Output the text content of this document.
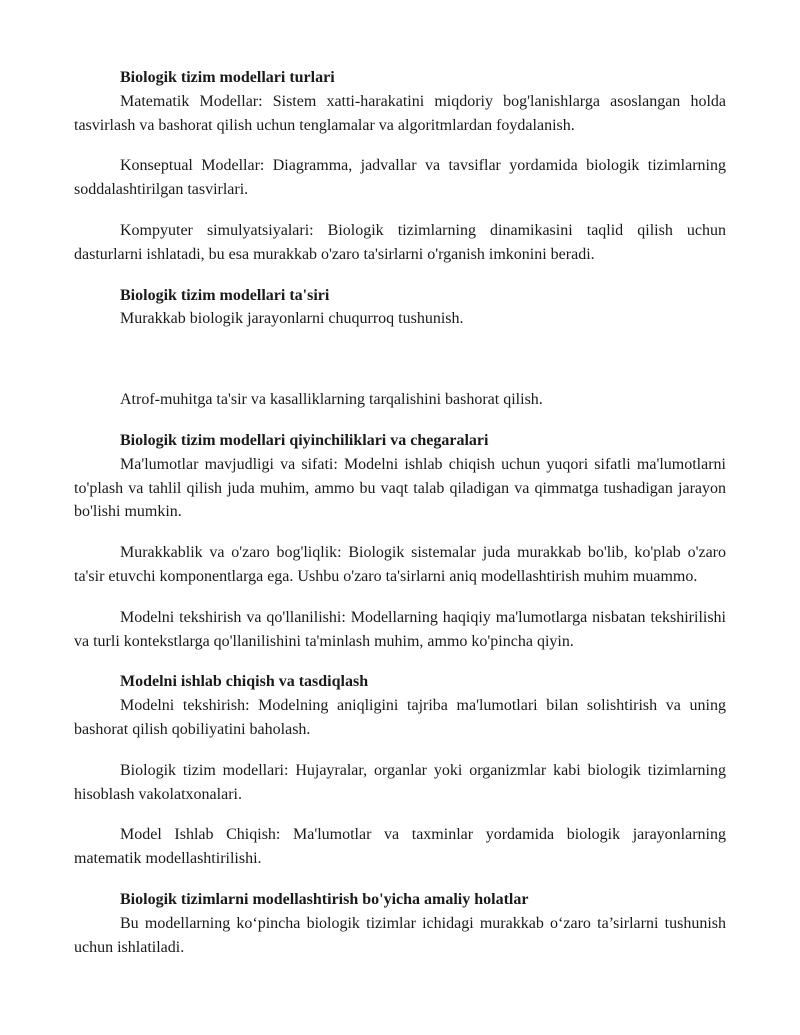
Biologik tizim modellari turlari

Matematik Modellar: Sistem xatti-harakatini miqdoriy bog'lanishlarga asoslangan holda tasvirlash va bashorat qilish uchun tenglamalar va algoritmlardan foydalanish.

Konseptual Modellar: Diagramma, jadvallar va tavsiflar yordamida biologik tizimlarning soddalashtirilgan tasvirlari.

Kompyuter simulyatsiyalari: Biologik tizimlarning dinamikasini taqlid qilish uchun dasturlarni ishlatadi, bu esa murakkab o'zaro ta'sirlarni o'rganish imkonini beradi.

Biologik tizim modellari ta'siri

Murakkab biologik jarayonlarni chuqurroq tushunish.

Atrof-muhitga ta'sir va kasalliklarning tarqalishini bashorat qilish.

Biologik tizim modellari qiyinchiliklari va chegaralari

Ma'lumotlar mavjudligi va sifati: Modelni ishlab chiqish uchun yuqori sifatli ma'lumotlarni to'plash va tahlil qilish juda muhim, ammo bu vaqt talab qiladigan va qimmatga tushadigan jarayon bo'lishi mumkin.

Murakkablik va o'zaro bog'liqlik: Biologik sistemalar juda murakkab bo'lib, ko'plab o'zaro ta'sir etuvchi komponentlarga ega. Ushbu o'zaro ta'sirlarni aniq modellashtirish muhim muammo.

Modelni tekshirish va qo'llanilishi: Modellarning haqiqiy ma'lumotlarga nisbatan tekshirilishi va turli kontekstlarga qo'llanilishini ta'minlash muhim, ammo ko'pincha qiyin.

Modelni ishlab chiqish va tasdiqlash

Modelni tekshirish: Modelning aniqligini tajriba ma'lumotlari bilan solishtirish va uning bashorat qilish qobiliyatini baholash.

Biologik tizim modellari: Hujayralar, organlar yoki organizmlar kabi biologik tizimlarning hisoblash vakolatxonalari.

Model Ishlab Chiqish: Ma'lumotlar va taxminlar yordamida biologik jarayonlarning matematik modellashtirilishi.

Biologik tizimlarni modellashtirish bo'yicha amaliy holatlar

Bu modellarning ko‘pincha biologik tizimlar ichidagi murakkab o‘zaro ta’sirlarni tushunish uchun ishlatiladi.
